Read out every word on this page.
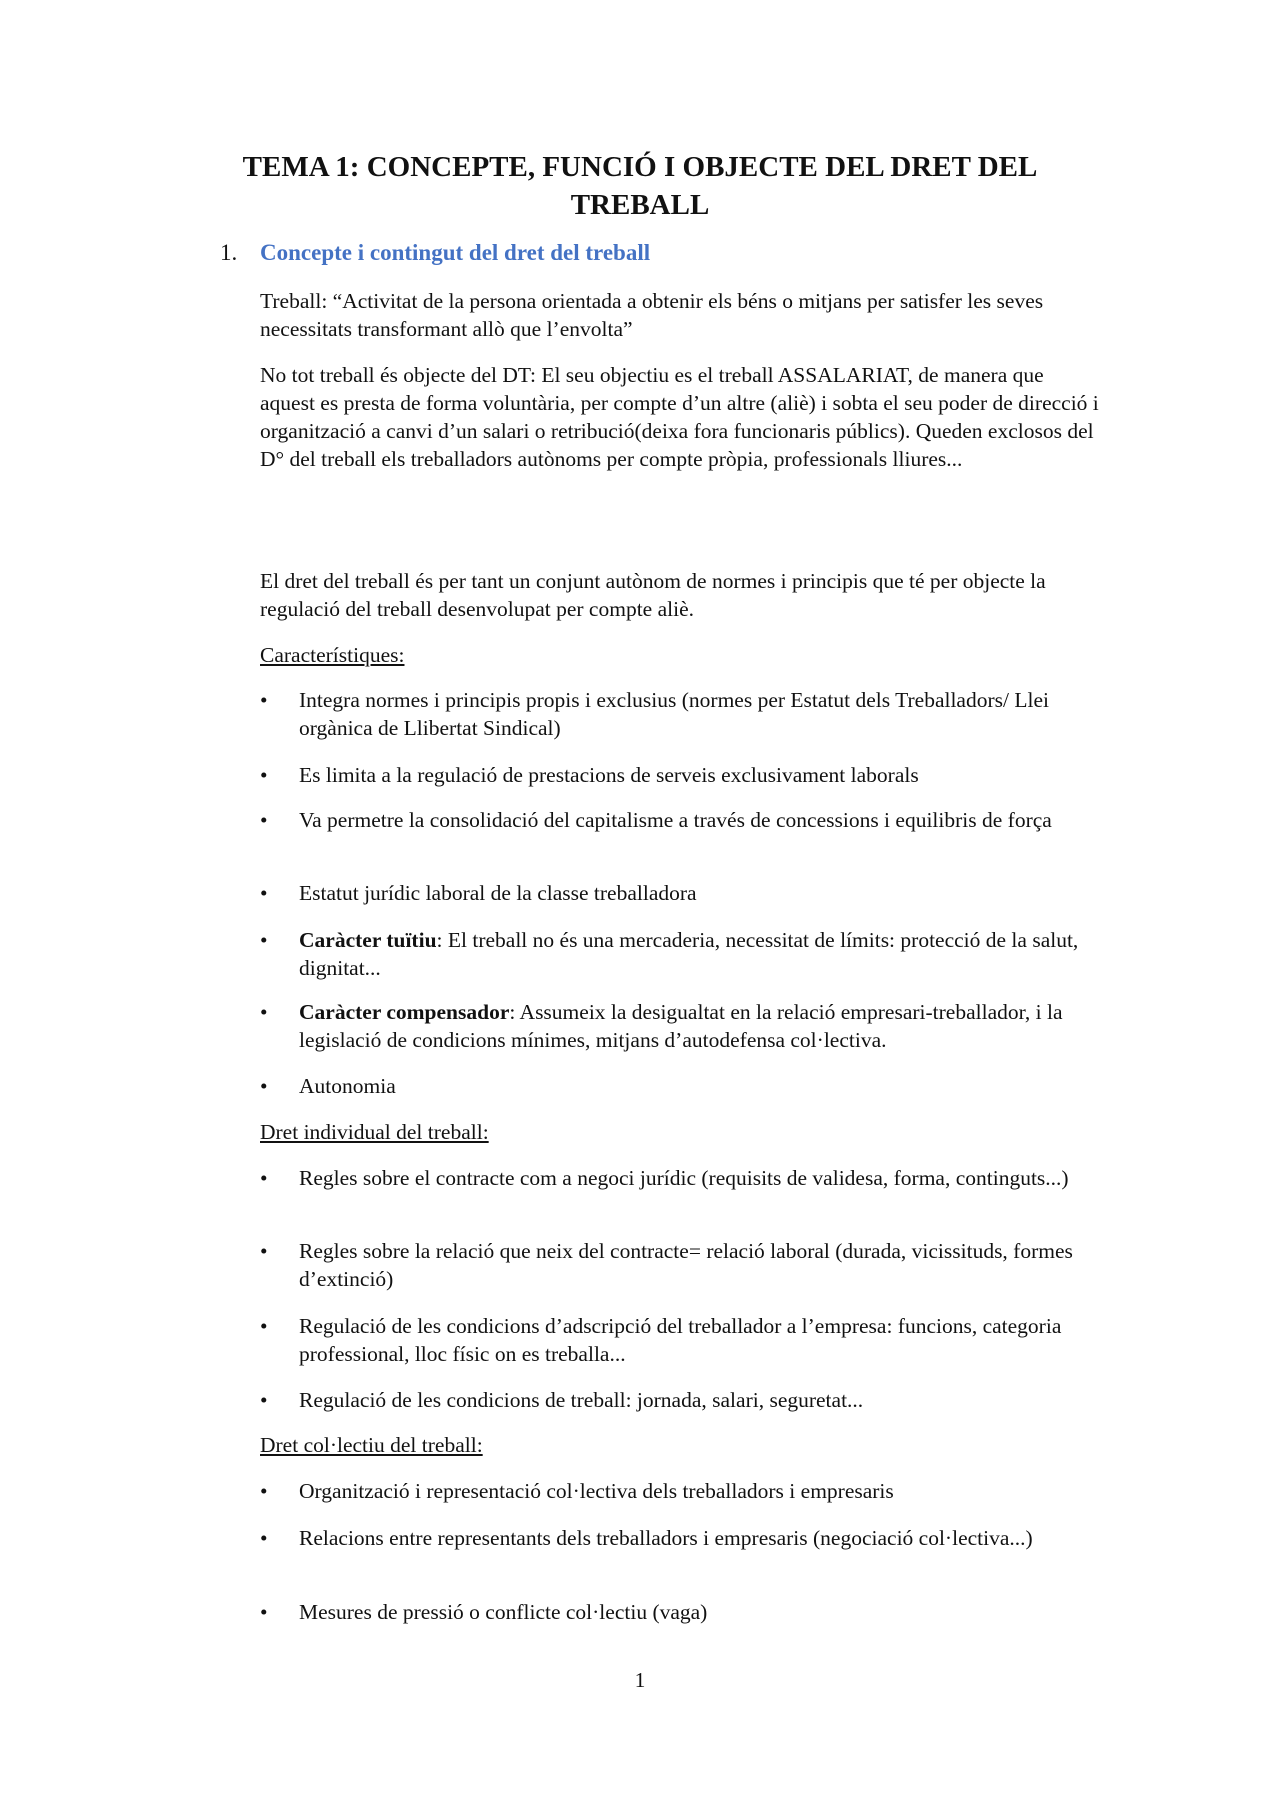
TEMA 1: CONCEPTE, FUNCIÓ I OBJECTE DEL DRET DEL
TREBALL
1. Concepte i contingut del dret del treball
Treball: “Activitat de la persona orientada a obtenir els béns o mitjans per satisfer les seves necessitats transformant allò que l’envolta”
No tot treball és objecte del DT: El seu objectiu es el treball ASSALARIAT, de manera que aquest es presta de forma voluntària, per compte d’un altre (aliè) i sobta el seu poder de direcció i organització a canvi d’un salari o retribució(deixa fora funcionaris públics). Queden exclosos del D° del treball els treballadors autònoms per compte pròpia, professionals lliures...
El dret del treball és per tant un conjunt autònom de normes i principis que té per objecte la regulació del treball desenvolupat per compte aliè.
Característiques:
•	Integra normes i principis propis i exclusius (normes per Estatut dels Treballadors/ Llei orgànica de Llibertat Sindical)
•	Es limita a la regulació de prestacions de serveis exclusivament laborals
•	Va permetre la consolidació del capitalisme a través de concessions i equilibris de força
•	Estatut jurídic laboral de la classe treballadora
•	Caràcter tuïtiu: El treball no és una mercaderia, necessitat de límits: protecció de la salut, dignitat...
•	Caràcter compensador: Assumeix la desigualtat en la relació empresari-treballador, i la legislació de condicions mínimes, mitjans d’autodefensa col·lectiva.
•	Autonomia
Dret individual del treball:
•	Regles sobre el contracte com a negoci jurídic (requisits de validesa, forma, continguts...)
•	Regles sobre la relació que neix del contracte= relació laboral (durada, vicissituds, formes d’extinció)
•	Regulació de les condicions d’adscripció del treballador a l’empresa: funcions, categoria professional, lloc físic on es treballa...
•	Regulació de les condicions de treball: jornada, salari, seguretat...
Dret col·lectiu del treball:
•	Organització i representació col·lectiva dels treballadors i empresaris
•	Relacions entre representants dels treballadors i empresaris (negociació col·lectiva...)
•	Mesures de pressió o conflicte col·lectiu (vaga)
1
